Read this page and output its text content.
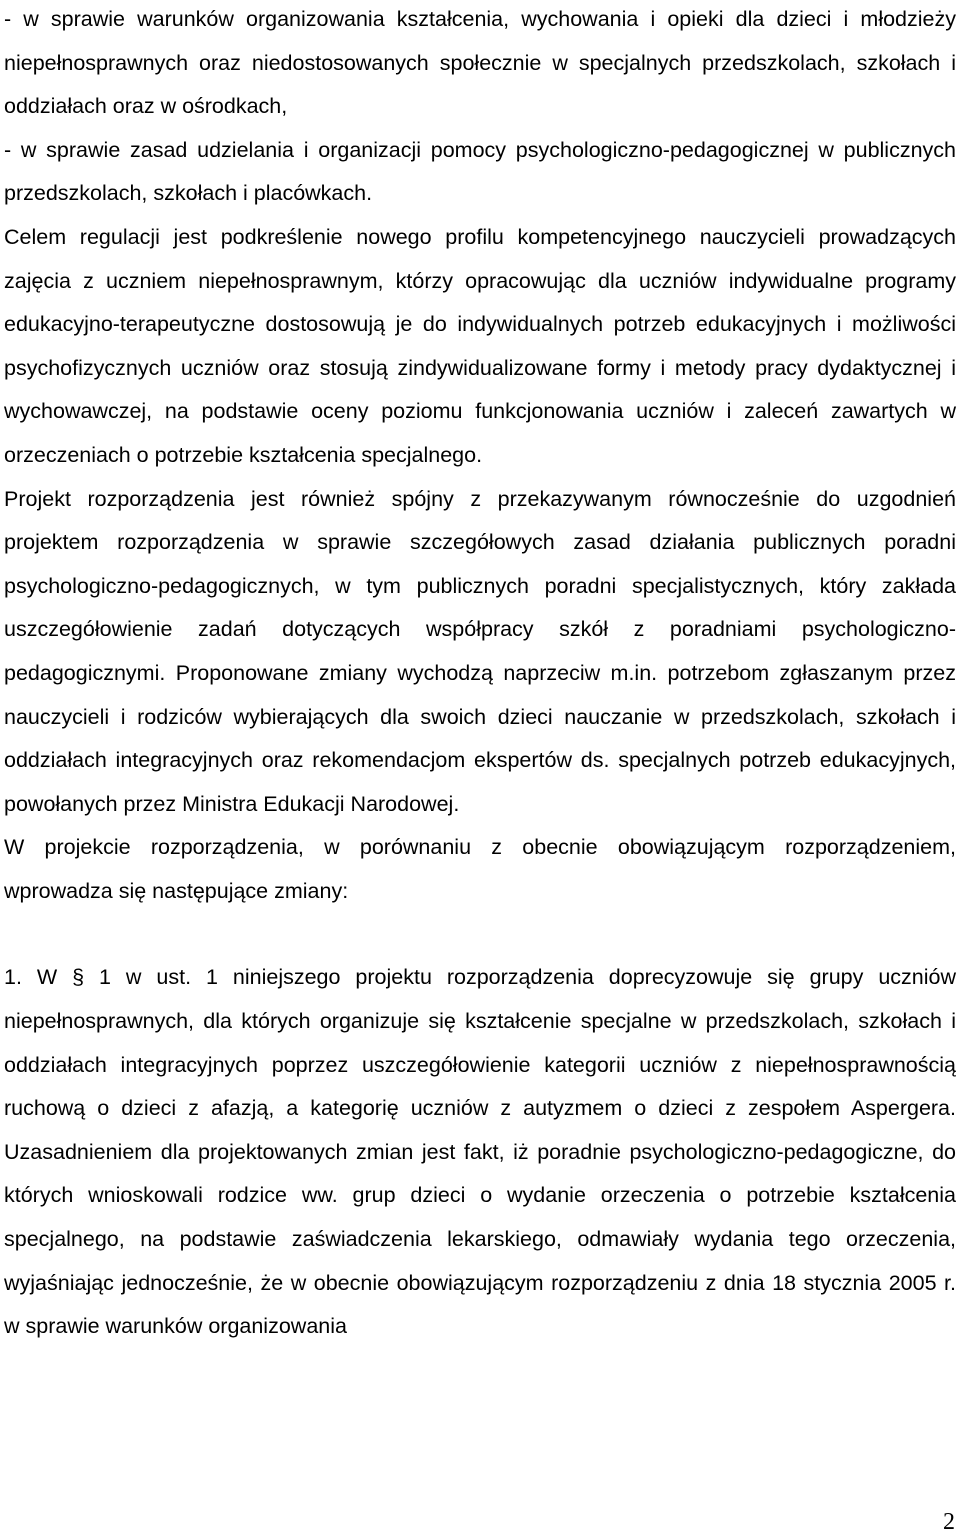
- w sprawie warunków organizowania kształcenia, wychowania i opieki dla dzieci i młodzieży niepełnosprawnych oraz niedostosowanych społecznie w specjalnych przedszkolach, szkołach i oddziałach oraz w ośrodkach,

- w sprawie zasad udzielania i organizacji pomocy psychologiczno-pedagogicznej w publicznych przedszkolach, szkołach i placówkach.

Celem regulacji jest podkreślenie nowego profilu kompetencyjnego nauczycieli prowadzących zajęcia z uczniem niepełnosprawnym, którzy opracowując dla uczniów indywidualne programy edukacyjno-terapeutyczne dostosowują je do indywidualnych potrzeb edukacyjnych i możliwości psychofizycznych uczniów oraz stosują zindywidualizowane formy i metody pracy dydaktycznej i wychowawczej, na podstawie oceny poziomu funkcjonowania uczniów i zaleceń zawartych w orzeczeniach o potrzebie kształcenia specjalnego.

Projekt rozporządzenia jest również spójny z przekazywanym równocześnie do uzgodnień projektem rozporządzenia w sprawie szczegółowych zasad działania publicznych poradni psychologiczno-pedagogicznych, w tym publicznych poradni specjalistycznych, który zakłada uszczegółowienie zadań dotyczących współpracy szkół z poradniami psychologiczno-pedagogicznymi. Proponowane zmiany wychodzą naprzeciw m.in. potrzebom zgłaszanym przez nauczycieli i rodziców wybierających dla swoich dzieci nauczanie w przedszkolach, szkołach i oddziałach integracyjnych oraz rekomendacjom ekspertów ds. specjalnych potrzeb edukacyjnych, powołanych przez Ministra Edukacji Narodowej.

W projekcie rozporządzenia, w porównaniu z obecnie obowiązującym rozporządzeniem, wprowadza się następujące zmiany:

1. W § 1 w ust. 1 niniejszego projektu rozporządzenia doprecyzowuje się grupy uczniów niepełnosprawnych, dla których organizuje się kształcenie specjalne w przedszkolach, szkołach i oddziałach integracyjnych poprzez uszczegółowienie kategorii uczniów z niepełnosprawnością ruchową o dzieci z afazją, a kategorię uczniów z autyzmem o dzieci z zespołem Aspergera. Uzasadnieniem dla projektowanych zmian jest fakt, iż poradnie psychologiczno-pedagogiczne, do których wnioskowali rodzice ww. grup dzieci o wydanie orzeczenia o potrzebie kształcenia specjalnego, na podstawie zaświadczenia lekarskiego, odmawiały wydania tego orzeczenia, wyjaśniając jednocześnie, że w obecnie obowiązującym rozporządzeniu z dnia 18 stycznia 2005 r. w sprawie warunków organizowania

2
